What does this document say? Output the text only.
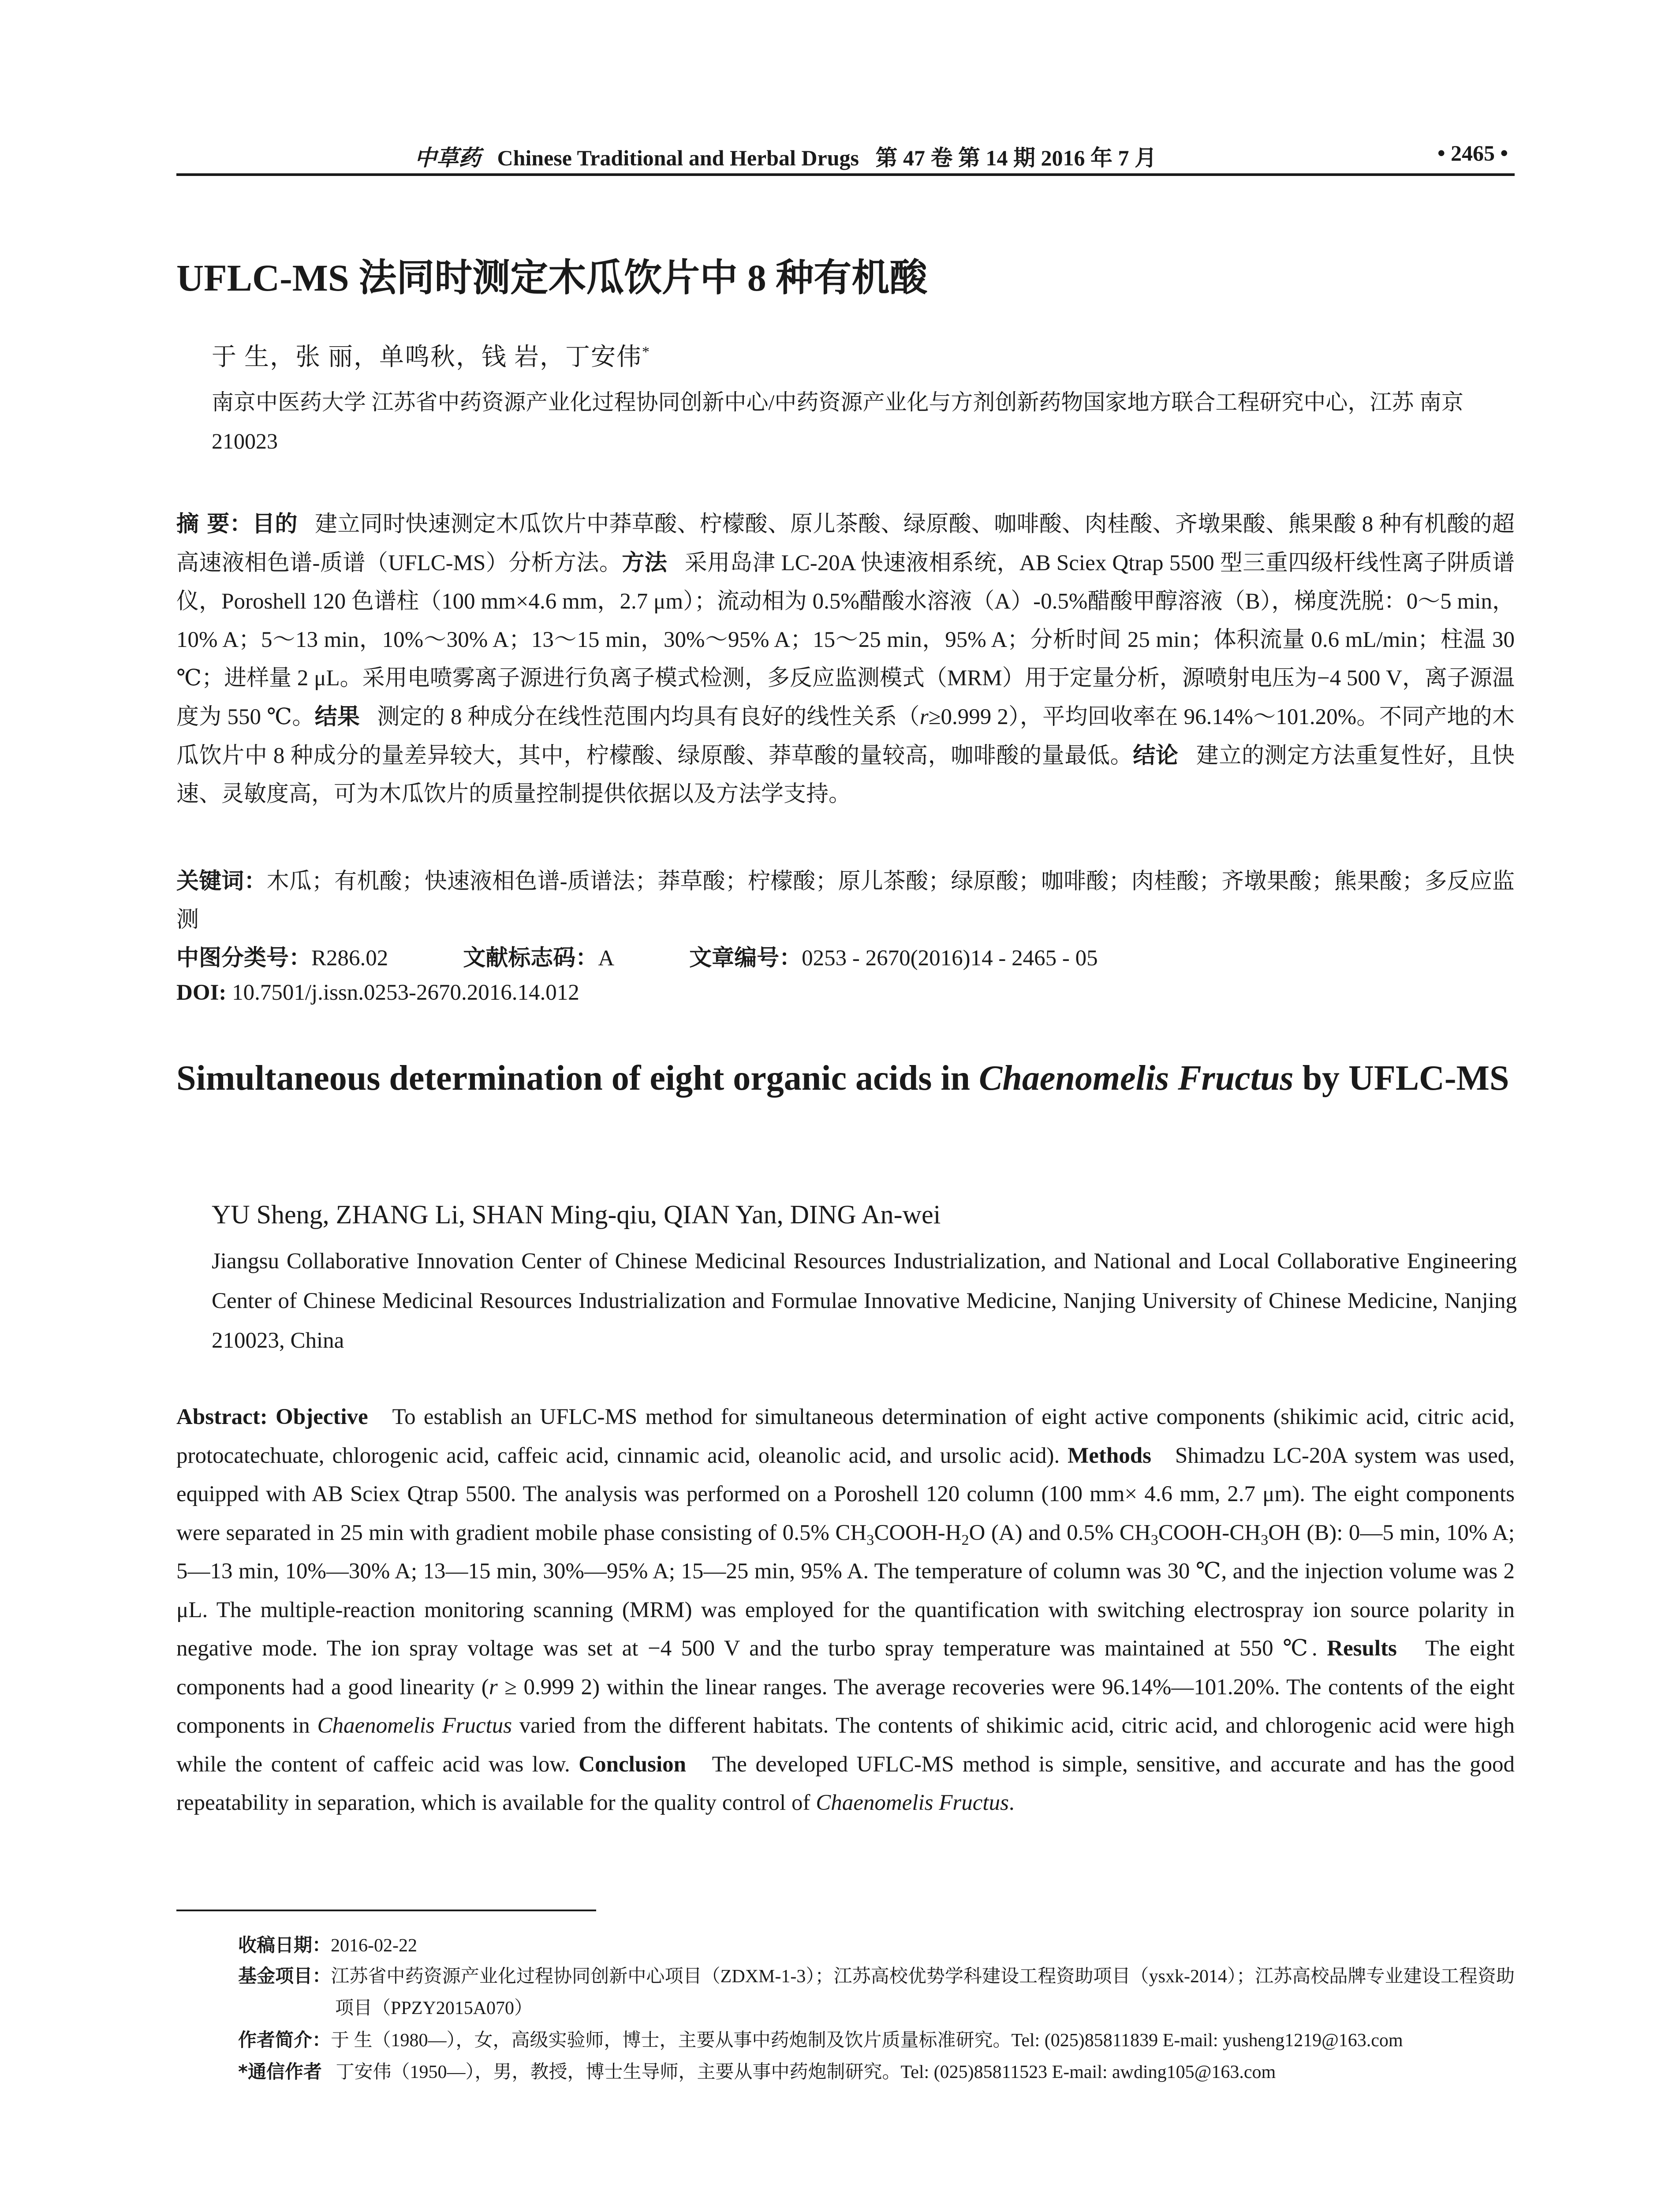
中草药 Chinese Traditional and Herbal Drugs 第 47 卷 第 14 期 2016 年 7 月	• 2465 •
UFLC-MS 法同时测定木瓜饮片中 8 种有机酸
于 生，张 丽，单鸣秋，钱 岩，丁安伟*
南京中医药大学 江苏省中药资源产业化过程协同创新中心/中药资源产业化与方剂创新药物国家地方联合工程研究中心，江苏 南京 210023
摘 要：目的 建立同时快速测定木瓜饮片中莽草酸、柠檬酸、原儿茶酸、绿原酸、咖啡酸、肉桂酸、齐墩果酸、熊果酸 8 种有机酸的超高速液相色谱-质谱（UFLC-MS）分析方法。方法 采用岛津 LC-20A 快速液相系统，AB Sciex Qtrap 5500 型三重四级杆线性离子阱质谱仪，Poroshell 120 色谱柱（100 mm×4.6 mm，2.7 μm）；流动相为 0.5%醋酸水溶液（A）-0.5%醋酸甲醇溶液（B），梯度洗脱：0～5 min，10% A；5～13 min，10%～30% A；13～15 min，30%～95% A；15～25 min，95% A；分析时间 25 min；体积流量 0.6 mL/min；柱温 30 ℃；进样量 2 μL。采用电喷雾离子源进行负离子模式检测，多反应监测模式（MRM）用于定量分析，源喷射电压为−4 500 V，离子源温度为 550 ℃。结果 测定的 8 种成分在线性范围内均具有良好的线性关系（r≥0.999 2），平均回收率在 96.14%～101.20%。不同产地的木瓜饮片中 8 种成分的量差异较大，其中，柠檬酸、绿原酸、莽草酸的量较高，咖啡酸的量最低。结论 建立的测定方法重复性好，且快速、灵敏度高，可为木瓜饮片的质量控制提供依据以及方法学支持。
关键词：木瓜；有机酸；快速液相色谱-质谱法；莽草酸；柠檬酸；原儿茶酸；绿原酸；咖啡酸；肉桂酸；齐墩果酸；熊果酸；多反应监测
中图分类号：R286.02	文献标志码：A	文章编号：0253 - 2670(2016)14 - 2465 - 05
DOI: 10.7501/j.issn.0253-2670.2016.14.012
Simultaneous determination of eight organic acids in Chaenomelis Fructus by UFLC-MS
YU Sheng, ZHANG Li, SHAN Ming-qiu, QIAN Yan, DING An-wei
Jiangsu Collaborative Innovation Center of Chinese Medicinal Resources Industrialization, and National and Local Collaborative Engineering Center of Chinese Medicinal Resources Industrialization and Formulae Innovative Medicine, Nanjing University of Chinese Medicine, Nanjing 210023, China
Abstract: Objective To establish an UFLC-MS method for simultaneous determination of eight active components (shikimic acid, citric acid, protocatechuate, chlorogenic acid, caffeic acid, cinnamic acid, oleanolic acid, and ursolic acid). Methods Shimadzu LC-20A system was used, equipped with AB Sciex Qtrap 5500. The analysis was performed on a Poroshell 120 column (100 mm× 4.6 mm, 2.7 μm). The eight components were separated in 25 min with gradient mobile phase consisting of 0.5% $CH_3COOH-H_2O$ (A) and 0.5% $CH_3COOH-CH_3OH$ (B): 0—5 min, 10% A; 5—13 min, 10%—30% A; 13—15 min, 30%—95% A; 15—25 min, 95% A. The temperature of column was 30 ℃, and the injection volume was 2 μL. The multiple-reaction monitoring scanning (MRM) was employed for the quantification with switching electrospray ion source polarity in negative mode. The ion spray voltage was set at −4 500 V and the turbo spray temperature was maintained at 550 ℃. Results The eight components had a good linearity (r ≥ 0.999 2) within the linear ranges. The average recoveries were 96.14%—101.20%. The contents of the eight components in Chaenomelis Fructus varied from the different habitats. The contents of shikimic acid, citric acid, and chlorogenic acid were high while the content of caffeic acid was low. Conclusion The developed UFLC-MS method is simple, sensitive, and accurate and has the good repeatability in separation, which is available for the quality control of Chaenomelis Fructus.
收稿日期：2016-02-22
基金项目：江苏省中药资源产业化过程协同创新中心项目（ZDXM-1-3）；江苏高校优势学科建设工程资助项目（ysxk-2014）；江苏高校品牌专业建设工程资助项目（PPZY2015A070）
作者简介：于 生（1980—），女，高级实验师，博士，主要从事中药炮制及饮片质量标准研究。Tel: (025)85811839 E-mail: yusheng1219@163.com
*通信作者 丁安伟（1950—），男，教授，博士生导师，主要从事中药炮制研究。Tel: (025)85811523 E-mail: awding105@163.com
